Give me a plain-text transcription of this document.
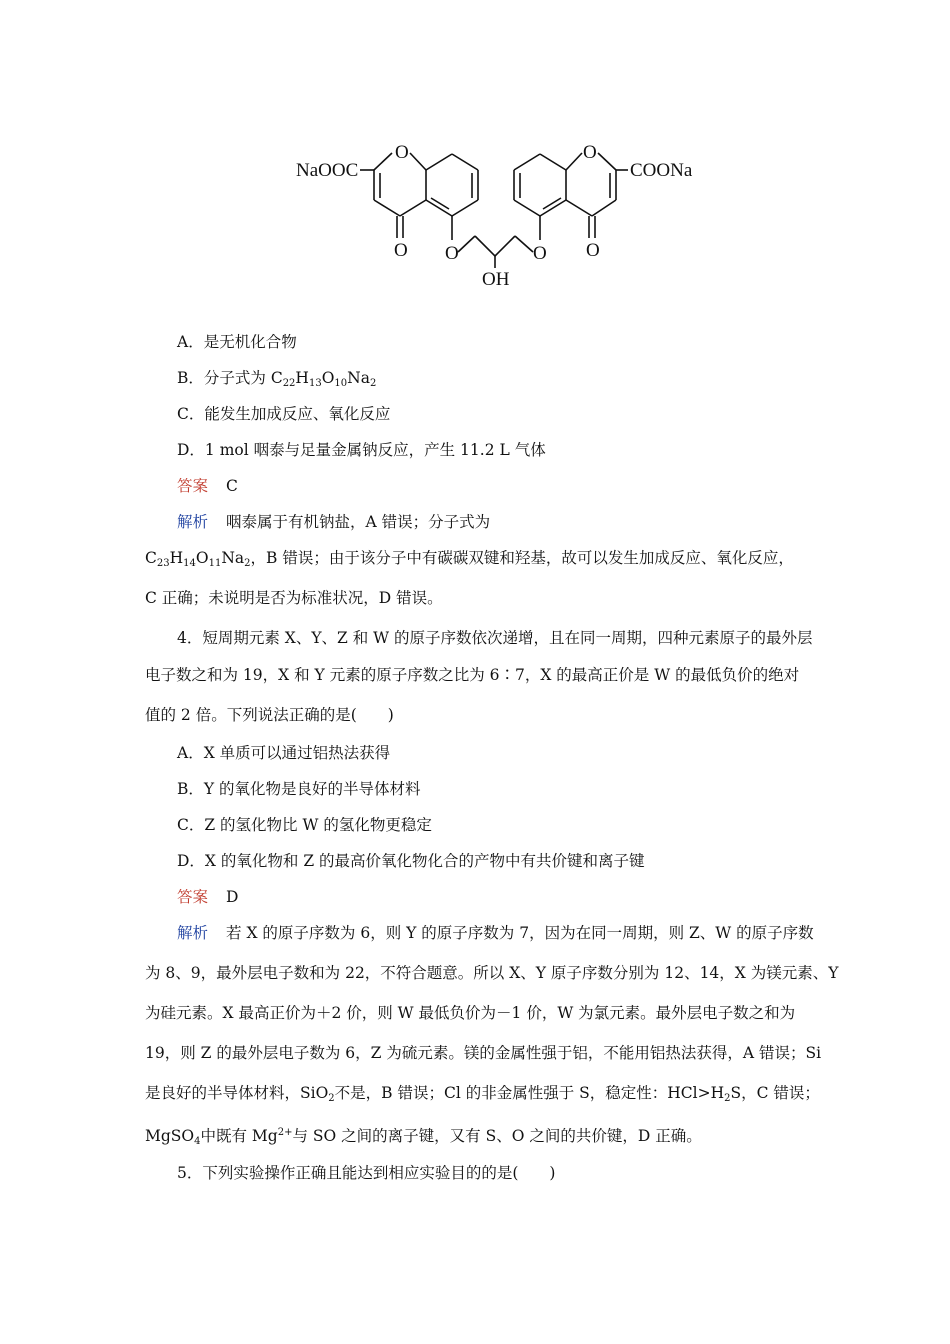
NaOOC
O
O O
OH
O
O
O
COONa
A．是无机化合物
B．分子式为 $C_{22}H_{13}O_{10}Na_2$
C．能发生加成反应、氧化反应
D．1 mol 咽泰与足量金属钠反应，产生 11.2 L 气体
答案 C
解析 咽泰属于有机钠盐，A 错误；分子式为
$C_{23}H_{14}O_{11}Na_2$，B 错误；由于该分子中有碳碳双键和羟基，故可以发生加成反应、氧化反应，
C 正确；未说明是否为标准状况，D 错误。
4．短周期元素 X、Y、Z 和 W 的原子序数依次递增，且在同一周期，四种元素原子的最外层
电子数之和为 19，X 和 Y 元素的原子序数之比为 6∶7，X 的最高正价是 W 的最低负价的绝对
值的 2 倍。下列说法正确的是(　　)
A．X 单质可以通过铝热法获得
B．Y 的氧化物是良好的半导体材料
C．Z 的氢化物比 W 的氢化物更稳定
D．X 的氧化物和 Z 的最高价氧化物化合的产物中有共价键和离子键
答案 D
解析 若 X 的原子序数为 6，则 Y 的原子序数为 7，因为在同一周期，则 Z、W 的原子序数
为 8、9，最外层电子数和为 22，不符合题意。所以 X、Y 原子序数分别为 12、14，X 为镁元素、Y
为硅元素。X 最高正价为＋2 价，则 W 最低负价为－1 价，W 为氯元素。最外层电子数之和为
19，则 Z 的最外层电子数为 6，Z 为硫元素。镁的金属性强于铝，不能用铝热法获得，A 错误；Si
是良好的半导体材料，SiO$_2$不是，B 错误；Cl 的非金属性强于 S，稳定性：$HCl>H_2S$，C 错误；
MgSO$_4$中既有 $Mg^{2+}$与 SO 之间的离子键，又有 S、O 之间的共价键，D 正确。
5．下列实验操作正确且能达到相应实验目的的是(　　)
